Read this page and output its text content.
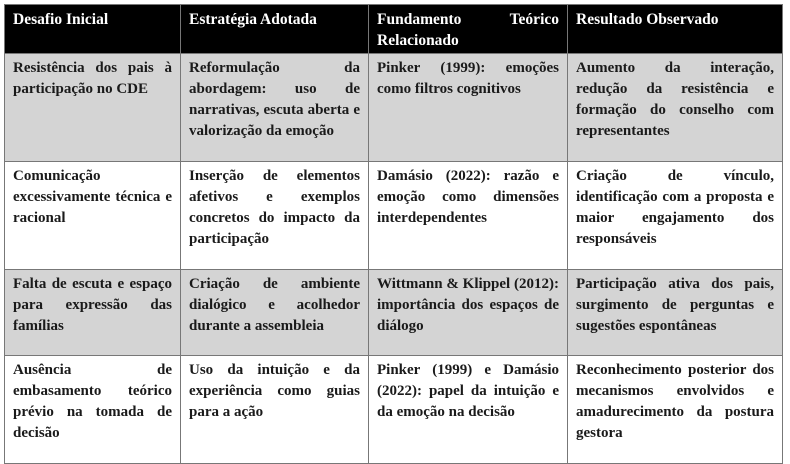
Desafio Inicial	Estratégia Adotada	Fundamento Teórico Relacionado	Resultado Observado
Resistência dos pais à participação no CDE	Reformulação da abordagem: uso de narrativas, escuta aberta e valorização da emoção	Pinker (1999): emoções como filtros cognitivos	Aumento da interação, redução da resistência e formação do conselho com representantes
Comunicação excessivamente técnica e racional	Inserção de elementos afetivos e exemplos concretos do impacto da participação	Damásio (2022): razão e emoção como dimensões interdependentes	Criação de vínculo, identificação com a proposta e maior engajamento dos responsáveis
Falta de escuta e espaço para expressão das famílias	Criação de ambiente dialógico e acolhedor durante a assembleia	Wittmann & Klippel (2012): importância dos espaços de diálogo	Participação ativa dos pais, surgimento de perguntas e sugestões espontâneas
Ausência de embasamento teórico prévio na tomada de decisão	Uso da intuição e da experiência como guias para a ação	Pinker (1999) e Damásio (2022): papel da intuição e da emoção na decisão	Reconhecimento posterior dos mecanismos envolvidos e amadurecimento da postura gestora
